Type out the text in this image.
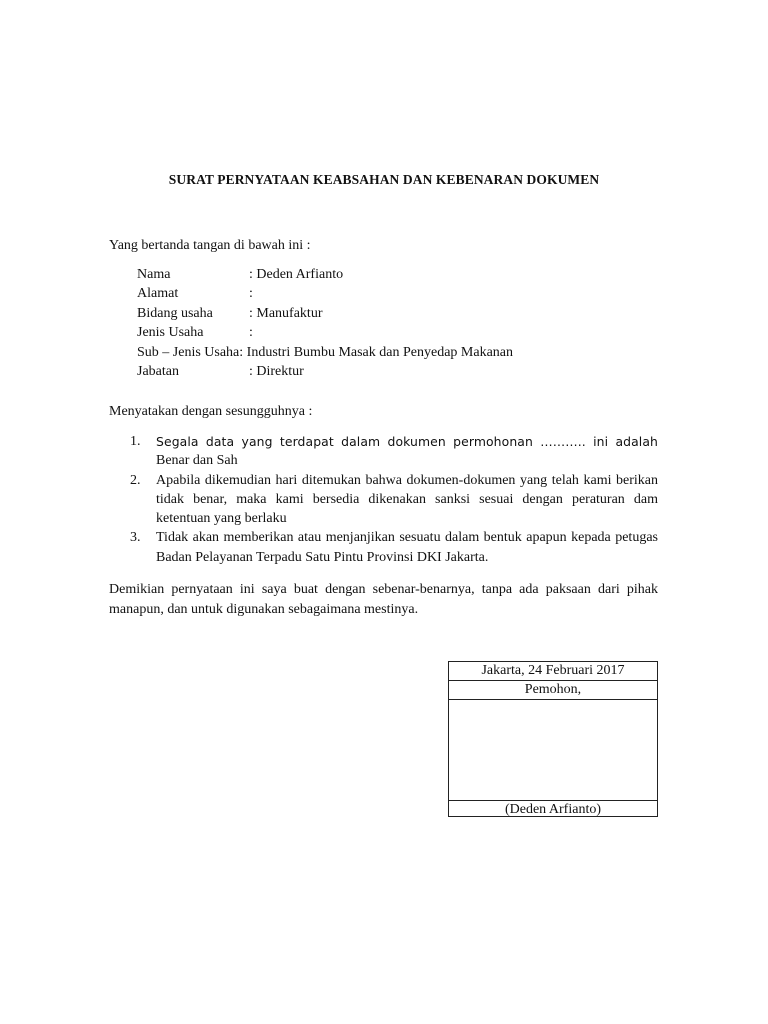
SURAT PERNYATAAN KEABSAHAN DAN KEBENARAN DOKUMEN
Yang bertanda tangan di bawah ini :
Nama	: Deden Arfianto
Alamat	:
Bidang usaha	: Manufaktur
Jenis Usaha	:
Sub – Jenis Usaha: Industri Bumbu Masak dan Penyedap Makanan
Jabatan	: Direktur
Menyatakan dengan sesungguhnya :
1. Segala data yang terdapat dalam dokumen permohonan ……….. ini adalah
Benar dan Sah
2. Apabila dikemudian hari ditemukan bahwa dokumen-dokumen yang telah kami berikan tidak benar, maka kami bersedia dikenakan sanksi sesuai dengan peraturan dam ketentuan yang berlaku
3. Tidak akan memberikan atau menjanjikan sesuatu dalam bentuk apapun kepada petugas Badan Pelayanan Terpadu Satu Pintu Provinsi DKI Jakarta.
Demikian pernyataan ini saya buat dengan sebenar-benarnya, tanpa ada paksaan dari pihak manapun, dan untuk digunakan sebagaimana mestinya.
Jakarta, 24 Februari 2017
Pemohon,
(Deden Arfianto)
